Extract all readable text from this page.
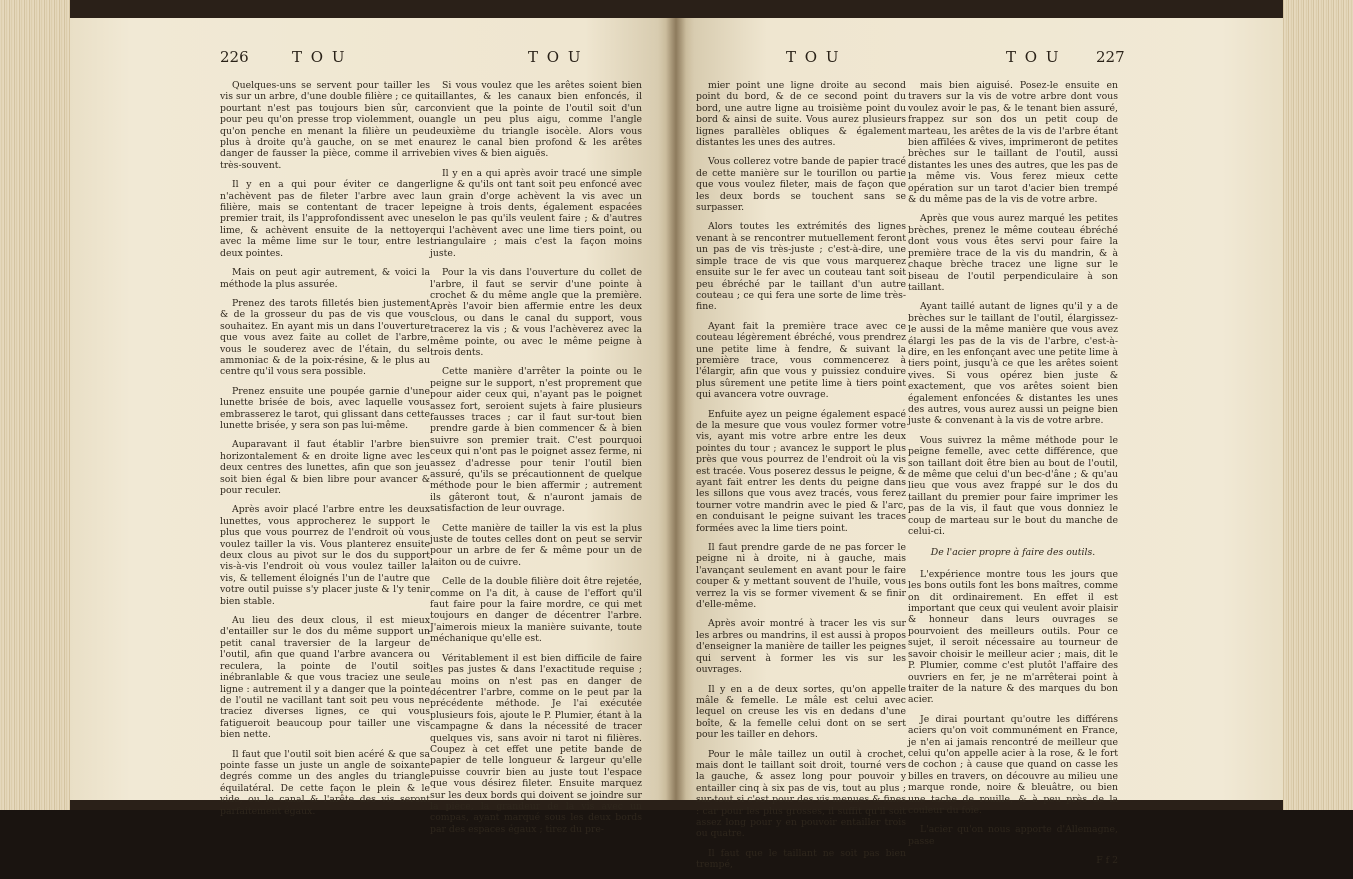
226	T O U	T O U

Quelques-uns se servent pour tailler les vis sur un arbre, d'une double filière ; ce qui pourtant n'est pas toujours bien sûr, car pour peu qu'on presse trop violemment, ou qu'on penche en menant la filière un peu plus à droite qu'à gauche, on se met en danger de fausser la pièce, comme il arrive très-souvent.

Il y en a qui pour éviter ce danger n'achèvent pas de fileter l'arbre avec la filière, mais se contentant de tracer le premier trait, ils l'approfondissent avec une lime, & achèvent ensuite de la nettoyer avec la même lime sur le tour, entre les deux pointes.

Mais on peut agir autrement, & voici la méthode la plus assurée.

Prenez des tarots filletés bien justement & de la grosseur du pas de vis que vous souhaitez. En ayant mis un dans l'ouverture que vous avez faite au collet de l'arbre, vous le souderez avec de l'étain, du sel ammoniac & de la poix-résine, & le plus au centre qu'il vous sera possible.

Prenez ensuite une poupée garnie d'une lunette brisée de bois, avec laquelle vous embrasserez le tarot, qui glissant dans cette lunette brisée, y sera son pas lui-même.

Auparavant il faut établir l'arbre bien horizontalement & en droite ligne avec les deux centres des lunettes, afin que son jeu soit bien égal & bien libre pour avancer & pour reculer.

Après avoir placé l'arbre entre les deux lunettes, vous approcherez le support le plus que vous pourrez de l'endroit où vous voulez tailler la vis. Vous planterez ensuite deux clous au pivot sur le dos du support vis-à-vis l'endroit où vous voulez tailler la vis, & tellement éloignés l'un de l'autre que votre outil puisse s'y placer juste & l'y tenir bien stable.

Au lieu des deux clous, il est mieux d'entailler sur le dos du même support un petit canal traversier de la largeur de l'outil, afin que quand l'arbre avancera ou reculera, la pointe de l'outil soit inébranlable & que vous traciez une seule ligne : autrement il y a danger que la pointe de l'outil ne vacillant tant soit peu vous ne traciez diverses lignes, ce qui vous fatigueroit beaucoup pour tailler une vis bien nette.

Il faut que l'outil soit bien acéré & que sa pointe fasse un juste un angle de soixante degrés comme un des angles du triangle équilatéral. De cette façon le plein & le vide, ou le canal & l'arête des vis seront parfaitement égaux.

Si vous voulez que les arêtes soient bien taillantes, & les canaux bien enfoncés, il convient que la pointe de l'outil soit d'un angle un peu plus aigu, comme l'angle deuxième du triangle isocèle. Alors vous aurez le canal bien profond & les arêtes bien vives & bien aiguës.

Il y en a qui après avoir tracé une simple ligne & qu'ils ont tant soit peu enfoncé avec un grain d'orge achèvent la vis avec un peigne à trois dents, également espacées selon le pas qu'ils veulent faire ; & d'autres qui l'achèvent avec une lime tiers point, ou triangulaire ; mais c'est la façon moins juste.

Pour la vis dans l'ouverture du collet de l'arbre, il faut se servir d'une pointe à crochet & du même angle que la première. Après l'avoir bien affermie entre les deux clous, ou dans le canal du support, vous tracerez la vis ; & vous l'achèverez avec la même pointe, ou avec le même peigne à trois dents.

Cette manière d'arrêter la pointe ou le peigne sur le support, n'est proprement que pour aider ceux qui, n'ayant pas le poignet assez fort, seroient sujets à faire plusieurs fausses traces ; car il faut sur-tout bien prendre garde à bien commencer & à bien suivre son premier trait. C'est pourquoi ceux qui n'ont pas le poignet assez ferme, ni assez d'adresse pour tenir l'outil bien assuré, qu'ils se précautionnent de quelque méthode pour le bien affermir ; autrement ils gâteront tout, & n'auront jamais de satisfaction de leur ouvrage.

Cette manière de tailler la vis est la plus juste de toutes celles dont on peut se servir pour un arbre de fer & même pour un de laiton ou de cuivre.

Celle de la double filière doit être rejetée, comme on l'a dit, à cause de l'effort qu'il faut faire pour la faire mordre, ce qui met toujours en danger de décentrer l'arbre. J'aimerois mieux la manière suivante, toute méchanique qu'elle est.

Véritablement il est bien difficile de faire les pas justes & dans l'exactitude requise ; au moins on n'est pas en danger de décentrer l'arbre, comme on le peut par la précédente méthode. Je l'ai exécutée plusieurs fois, ajoute le P. Plumier, étant à la campagne & dans la nécessité de tracer quelques vis, sans avoir ni tarot ni filières. Coupez à cet effet une petite bande de papier de telle longueur & largeur qu'elle puisse couvrir bien au juste tout l'espace que vous désirez fileter. Ensuite marquez sur les deux bords qui doivent se joindre sur la pièce, la grandeur de la vis avec un compas, ayant marqué sous les deux bords par des espaces égaux ; tirez du pre-

T O U	T O U 227

mier point une ligne droite au second point du bord, & de ce second point du bord, une autre ligne au troisième point du bord & ainsi de suite. Vous aurez plusieurs lignes parallèles obliques & également distantes les unes des autres.

Vous collerez votre bande de papier tracé de cette manière sur le tourillon ou partie que vous voulez fileter, mais de façon que les deux bords se touchent sans se surpasser.

Alors toutes les extrémités des lignes venant à se rencontrer mutuellement feront un pas de vis très-juste ; c'est-à-dire, une simple trace de vis que vous marquerez ensuite sur le fer avec un couteau tant soit peu ébréché par le taillant d'un autre couteau ; ce qui fera une sorte de lime très-fine.

Ayant fait la première trace avec ce couteau légèrement ébréché, vous prendrez une petite lime à fendre, & suivant la première trace, vous commencerez à l'élargir, afin que vous y puissiez conduire plus sûrement une petite lime à tiers point qui avancera votre ouvrage.

Enfuite ayez un peigne également espacé de la mesure que vous voulez former votre vis, ayant mis votre arbre entre les deux pointes du tour ; avancez le support le plus près que vous pourrez de l'endroit où la vis est tracée. Vous poserez dessus le peigne, & ayant fait entrer les dents du peigne dans les sillons que vous avez tracés, vous ferez tourner votre mandrin avec le pied & l'arc, en conduisant le peigne suivant les traces formées avec la lime tiers point.

Il faut prendre garde de ne pas forcer le peigne ni à droite, ni à gauche, mais l'avançant seulement en avant pour le faire couper & y mettant souvent de l'huile, vous verrez la vis se former vivement & se finir d'elle-même.

Après avoir montré à tracer les vis sur les arbres ou mandrins, il est aussi à propos d'enseigner la manière de tailler les peignes qui servent à former les vis sur les ouvrages.

Il y en a de deux sortes, qu'on appelle mâle & femelle. Le mâle est celui avec lequel on creuse les vis en dedans d'une boîte, & la femelle celui dont on se sert pour les tailler en dehors.

Pour le mâle taillez un outil à crochet, mais dont le taillant soit droit, tourné vers la gauche, & assez long pour pouvoir y entailler cinq à six pas de vis, tout au plus ; sur-tout si c'est pour des vis menues & fines : car pour les plus grosses, il suffit qu'il soit assez long pour y en pouvoir entailler trois ou quatre.

Il faut que le taillant ne soit pas bien trempé,

mais bien aiguisé. Posez-le ensuite en travers sur la vis de votre arbre dont vous voulez avoir le pas, & le tenant bien assuré, frappez sur son dos un petit coup de marteau, les arêtes de la vis de l'arbre étant bien affilées & vives, imprimeront de petites brèches sur le taillant de l'outil, aussi distantes les unes des autres, que les pas de la même vis. Vous ferez mieux cette opération sur un tarot d'acier bien trempé & du même pas de la vis de votre arbre.

Après que vous aurez marqué les petites brèches, prenez le même couteau ébréché dont vous vous êtes servi pour faire la première trace de la vis du mandrin, & à chaque brèche tracez une ligne sur le biseau de l'outil perpendiculaire à son taillant.

Ayant taillé autant de lignes qu'il y a de brèches sur le taillant de l'outil, élargissez-le aussi de la même manière que vous avez élargi les pas de la vis de l'arbre, c'est-à-dire, en les enfonçant avec une petite lime à tiers point, jusqu'à ce que les arêtes soient vives. Si vous opérez bien juste & exactement, que vos arêtes soient bien également enfoncées & distantes les unes des autres, vous aurez aussi un peigne bien juste & convenant à la vis de votre arbre.

Vous suivrez la même méthode pour le peigne femelle, avec cette différence, que son taillant doit être bien au bout de l'outil, de même que celui d'un bec-d'âne ; & qu'au lieu que vous avez frappé sur le dos du taillant du premier pour faire imprimer les pas de la vis, il faut que vous donniez le coup de marteau sur le bout du manche de celui-ci.

De l'acier propre à faire des outils.

L'expérience montre tous les jours que les bons outils font les bons maîtres, comme on dit ordinairement. En effet il est important que ceux qui veulent avoir plaisir & honneur dans leurs ouvrages se pourvoient des meilleurs outils. Pour ce sujet, il seroit nécessaire au tourneur de savoir choisir le meilleur acier ; mais, dit le P. Plumier, comme c'est plutôt l'affaire des ouvriers en fer, je ne m'arrêterai point à traiter de la nature & des marques du bon acier.

Je dirai pourtant qu'outre les différens aciers qu'on voit communément en France, je n'en ai jamais rencontré de meilleur que celui qu'on appelle acier à la rose, & le fort de cochon ; à cause que quand on casse les billes en travers, on découvre au milieu une marque ronde, noire & bleuâtre, ou bien une tache de rouille, & à peu près de la couleur du foie.

L'acier qu'on nous apporte d'Allemagne, passe

F f 2
